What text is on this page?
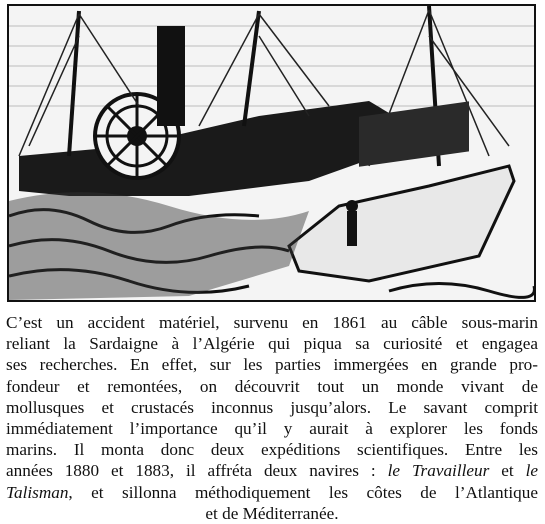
C’est un accident matériel, survenu en 1861 au câble sous-marin
reliant la Sardaigne à l’Algérie qui piqua sa curiosité et engagea
ses recherches. En effet, sur les parties immergées en grande pro-
fondeur et remontées, on découvrit tout un monde vivant de
mollusques et crustacés inconnus jusqu’alors. Le savant comprit
immédiatement l’importance qu’il y aurait à explorer les fonds
marins. Il monta donc deux expéditions scientifiques. Entre les
années 1880 et 1883, il affréta deux navires : le Travailleur et le
Talisman, et sillonna méthodiquement les côtes de l’Atlantique
et de Méditerranée.
